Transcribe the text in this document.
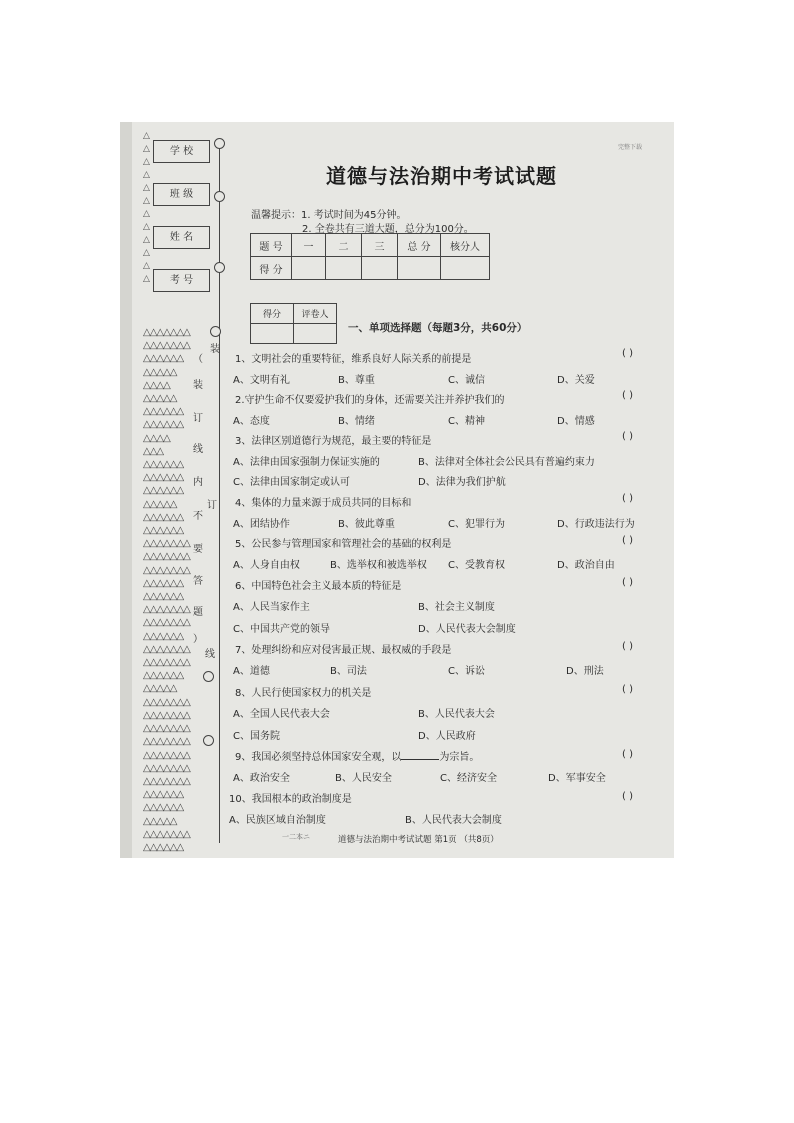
△
△
△
△
△
△
△
△
△
△
△
△
△△△△△△△
△△△△△△△
△△△△△△
△△△△△
△△△△
△△△△△
△△△△△△
△△△△△△
△△△△
△△△
△△△△△△
△△△△△△
△△△△△△
△△△△△
△△△△△△
△△△△△△
△△△△△△△
△△△△△△△
△△△△△△△
△△△△△△
△△△△△△
△△△△△△△
△△△△△△△
△△△△△△
△△△△△△△
△△△△△△△
△△△△△△
△△△△△
△△△△△△△
△△△△△△△
△△△△△△△
△△△△△△△
△△△△△△△
△△△△△△△
△△△△△△△
△△△△△△
△△△△△△
△△△△△
△△△△△△△
△△△△△△
学 校
班 级
姓 名
考 号
装
（
装
订
线
内
不
要
答
题
）
订
线
完整下载
道德与法治期中考试试题
温馨提示：1. 考试时间为45分钟。
2. 全卷共有三道大题，总分为100分。
题 号	一	二	三	总 分	核分人
得 分					
得分	评卷人

一、单项选择题（每题3分，共60分）
1、文明社会的重要特征，维系良好人际关系的前提是
( )
A、文明有礼	B、尊重	C、诚信	D、关爱
2.守护生命不仅要爱护我们的身体，还需要关注并养护我们的	( )
A、态度	B、情绪	C、精神	D、情感
3、法律区别道德行为规范，最主要的特征是	( )
A、法律由国家强制力保证实施的	B、法律对全体社会公民具有普遍约束力
C、法律由国家制定或认可	D、法律为我们护航
4、集体的力量来源于成员共同的目标和	( )
A、团结协作	B、彼此尊重	C、犯罪行为	D、行政违法行为
5、公民参与管理国家和管理社会的基础的权利是	( )
A、人身自由权	B、选举权和被选举权 C、受教育权	D、政治自由
6、中国特色社会主义最本质的特征是	( )
A、人民当家作主	B、社会主义制度
C、中国共产党的领导	D、人民代表大会制度
7、处理纠纷和应对侵害最正规、最权威的手段是	( )
A、道德	B、司法	C、诉讼	D、刑法
8、人民行使国家权力的机关是	( )
A、全国人民代表大会	B、人民代表大会
C、国务院	D、人民政府
9、我国必须坚持总体国家安全观，以	为宗旨。	( )
A、政治安全	B、人民安全	C、经济安全	D、军事安全
10、我国根本的政治制度是	( )
A、民族区域自治制度	B、人民代表大会制度
一二本ニ	道德与法治期中考试试题 第1页 （共8页）
